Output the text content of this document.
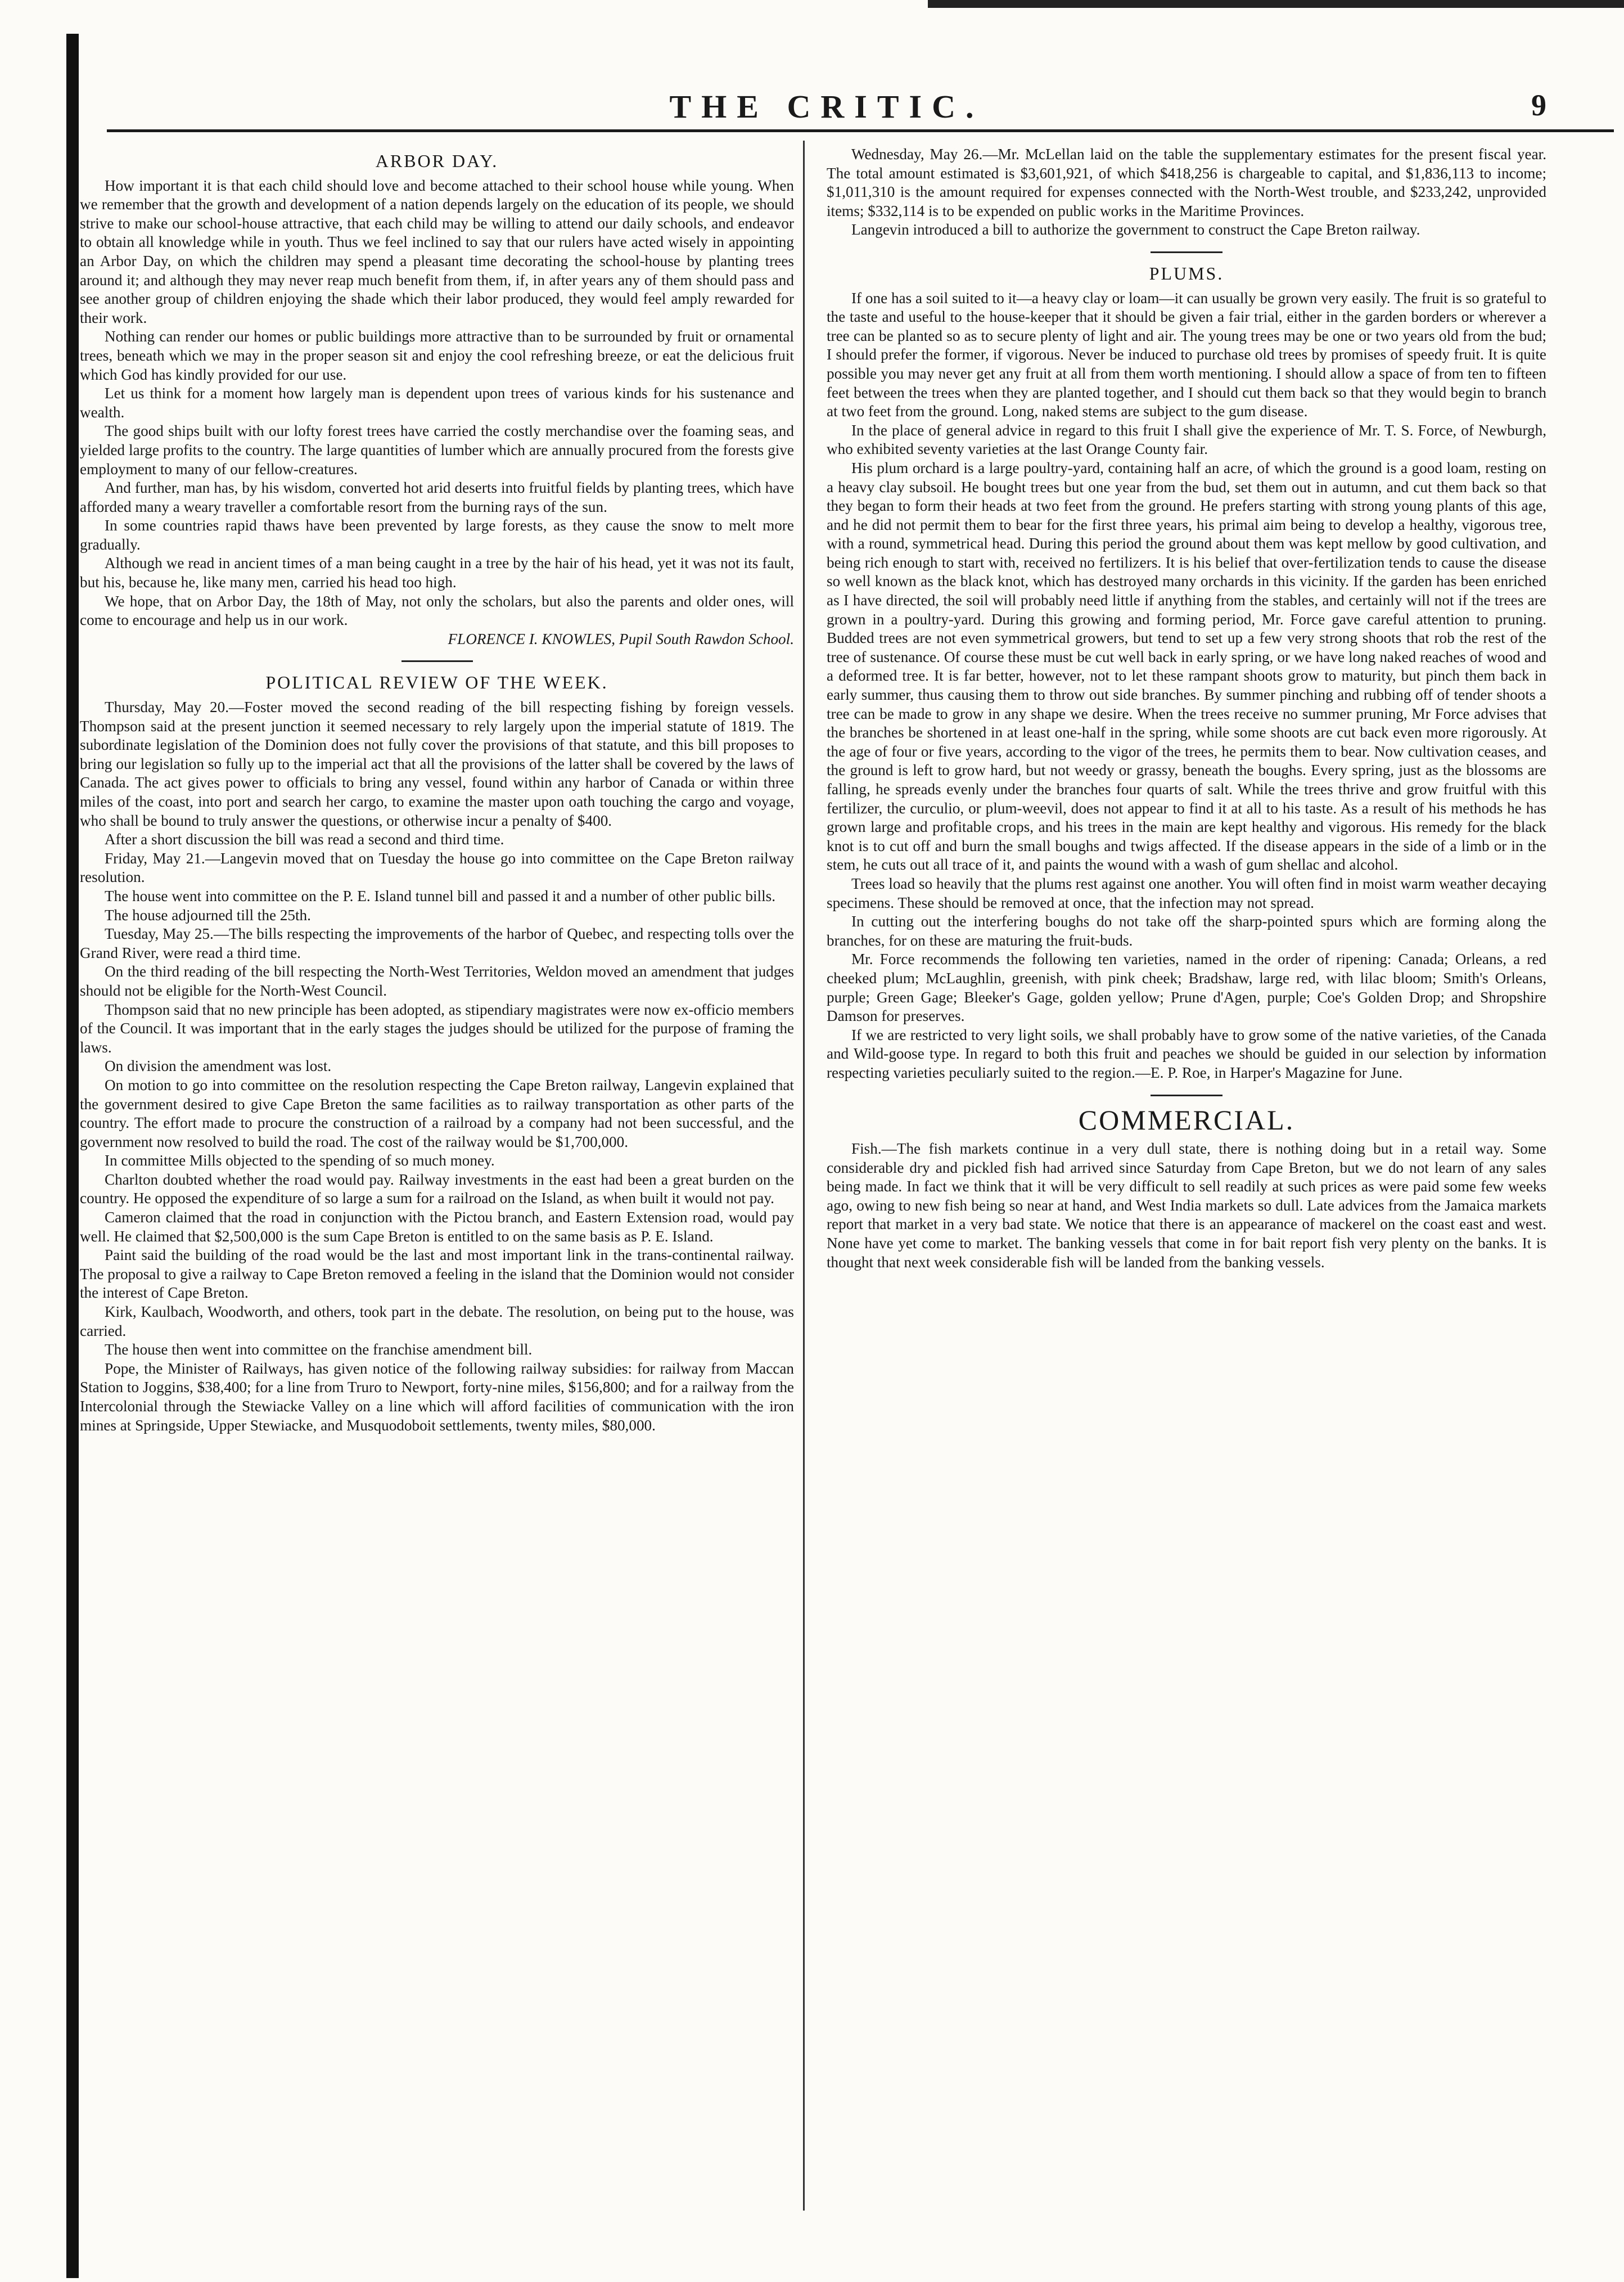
THE CRITIC.	9
ARBOR DAY.

How important it is that each child should love and become attached to their school house while young. When we remember that the growth and development of a nation depends largely on the education of its people, we should strive to make our school-house attractive, that each child may be willing to attend our daily schools, and endeavor to obtain all knowledge while in youth. Thus we feel inclined to say that our rulers have acted wisely in appointing an Arbor Day, on which the children may spend a pleasant time decorating the school-house by planting trees around it; and although they may never reap much benefit from them, if, in after years any of them should pass and see another group of children enjoying the shade which their labor produced, they would feel amply rewarded for their work.

Nothing can render our homes or public buildings more attractive than to be surrounded by fruit or ornamental trees, beneath which we may in the proper season sit and enjoy the cool refreshing breeze, or eat the delicious fruit which God has kindly provided for our use.

Let us think for a moment how largely man is dependent upon trees of various kinds for his sustenance and wealth.

The good ships built with our lofty forest trees have carried the costly merchandise over the foaming seas, and yielded large profits to the country. The large quantities of lumber which are annually procured from the forests give employment to many of our fellow-creatures.

And further, man has, by his wisdom, converted hot arid deserts into fruitful fields by planting trees, which have afforded many a weary traveller a comfortable resort from the burning rays of the sun.

In some countries rapid thaws have been prevented by large forests, as they cause the snow to melt more gradually.

Although we read in ancient times of a man being caught in a tree by the hair of his head, yet it was not its fault, but his, because he, like many men, carried his head too high.

We hope, that on Arbor Day, the 18th of May, not only the scholars, but also the parents and older ones, will come to encourage and help us in our work.

FLORENCE I. KNOWLES, Pupil South Rawdon School.

POLITICAL REVIEW OF THE WEEK.

Thursday, May 20.—Foster moved the second reading of the bill respecting fishing by foreign vessels. Thompson said at the present junction it seemed necessary to rely largely upon the imperial statute of 1819. The subordinate legislation of the Dominion does not fully cover the provisions of that statute, and this bill proposes to bring our legislation so fully up to the imperial act that all the provisions of the latter shall be covered by the laws of Canada. The act gives power to officials to bring any vessel, found within any harbor of Canada or within three miles of the coast, into port and search her cargo, to examine the master upon oath touching the cargo and voyage, who shall be bound to truly answer the questions, or otherwise incur a penalty of $400.

After a short discussion the bill was read a second and third time.

Friday, May 21.—Langevin moved that on Tuesday the house go into committee on the Cape Breton railway resolution.

The house went into committee on the P. E. Island tunnel bill and passed it and a number of other public bills.

The house adjourned till the 25th.

Tuesday, May 25.—The bills respecting the improvements of the harbor of Quebec, and respecting tolls over the Grand River, were read a third time.

On the third reading of the bill respecting the North-West Territories, Weldon moved an amendment that judges should not be eligible for the North-West Council.

Thompson said that no new principle has been adopted, as stipendiary magistrates were now ex-officio members of the Council. It was important that in the early stages the judges should be utilized for the purpose of framing the laws.

On division the amendment was lost.

On motion to go into committee on the resolution respecting the Cape Breton railway, Langevin explained that the government desired to give Cape Breton the same facilities as to railway transportation as other parts of the country. The effort made to procure the construction of a railroad by a company had not been successful, and the government now resolved to build the road. The cost of the railway would be $1,700,000.

In committee Mills objected to the spending of so much money.

Charlton doubted whether the road would pay. Railway investments in the east had been a great burden on the country. He opposed the expenditure of so large a sum for a railroad on the Island, as when built it would not pay.

Cameron claimed that the road in conjunction with the Pictou branch, and Eastern Extension road, would pay well. He claimed that $2,500,000 is the sum Cape Breton is entitled to on the same basis as P. E. Island.

Paint said the building of the road would be the last and most important link in the trans-continental railway. The proposal to give a railway to Cape Breton removed a feeling in the island that the Dominion would not consider the interest of Cape Breton.

Kirk, Kaulbach, Woodworth, and others, took part in the debate. The resolution, on being put to the house, was carried.

The house then went into committee on the franchise amendment bill.

Pope, the Minister of Railways, has given notice of the following railway subsidies: for railway from Maccan Station to Joggins, $38,400; for a line from Truro to Newport, forty-nine miles, $156,800; and for a railway from the Intercolonial through the Stewiacke Valley on a line which will afford facilities of communication with the iron mines at Springside, Upper Stewiacke, and Musquodoboit settlements, twenty miles, $80,000.

Wednesday, May 26.—Mr. McLellan laid on the table the supplementary estimates for the present fiscal year. The total amount estimated is $3,601,921, of which $418,256 is chargeable to capital, and $1,836,113 to income; $1,011,310 is the amount required for expenses connected with the North-West trouble, and $233,242, unprovided items; $332,114 is to be expended on public works in the Maritime Provinces.

Langevin introduced a bill to authorize the government to construct the Cape Breton railway.

PLUMS.

If one has a soil suited to it—a heavy clay or loam—it can usually be grown very easily. The fruit is so grateful to the taste and useful to the house-keeper that it should be given a fair trial, either in the garden borders or wherever a tree can be planted so as to secure plenty of light and air. The young trees may be one or two years old from the bud; I should prefer the former, if vigorous. Never be induced to purchase old trees by promises of speedy fruit. It is quite possible you may never get any fruit at all from them worth mentioning. I should allow a space of from ten to fifteen feet between the trees when they are planted together, and I should cut them back so that they would begin to branch at two feet from the ground. Long, naked stems are subject to the gum disease.

In the place of general advice in regard to this fruit I shall give the experience of Mr. T. S. Force, of Newburgh, who exhibited seventy varieties at the last Orange County fair.

His plum orchard is a large poultry-yard, containing half an acre, of which the ground is a good loam, resting on a heavy clay subsoil. He bought trees but one year from the bud, set them out in autumn, and cut them back so that they began to form their heads at two feet from the ground. He prefers starting with strong young plants of this age, and he did not permit them to bear for the first three years, his primal aim being to develop a healthy, vigorous tree, with a round, symmetrical head. During this period the ground about them was kept mellow by good cultivation, and being rich enough to start with, received no fertilizers. It is his belief that over-fertilization tends to cause the disease so well known as the black knot, which has destroyed many orchards in this vicinity. If the garden has been enriched as I have directed, the soil will probably need little if anything from the stables, and certainly will not if the trees are grown in a poultry-yard. During this growing and forming period, Mr. Force gave careful attention to pruning. Budded trees are not even symmetrical growers, but tend to set up a few very strong shoots that rob the rest of the tree of sustenance. Of course these must be cut well back in early spring, or we have long naked reaches of wood and a deformed tree. It is far better, however, not to let these rampant shoots grow to maturity, but pinch them back in early summer, thus causing them to throw out side branches. By summer pinching and rubbing off of tender shoots a tree can be made to grow in any shape we desire. When the trees receive no summer pruning, Mr Force advises that the branches be shortened in at least one-half in the spring, while some shoots are cut back even more rigorously. At the age of four or five years, according to the vigor of the trees, he permits them to bear. Now cultivation ceases, and the ground is left to grow hard, but not weedy or grassy, beneath the boughs. Every spring, just as the blossoms are falling, he spreads evenly under the branches four quarts of salt. While the trees thrive and grow fruitful with this fertilizer, the curculio, or plum-weevil, does not appear to find it at all to his taste. As a result of his methods he has grown large and profitable crops, and his trees in the main are kept healthy and vigorous. His remedy for the black knot is to cut off and burn the small boughs and twigs affected. If the disease appears in the side of a limb or in the stem, he cuts out all trace of it, and paints the wound with a wash of gum shellac and alcohol.

Trees load so heavily that the plums rest against one another. You will often find in moist warm weather decaying specimens. These should be removed at once, that the infection may not spread.

In cutting out the interfering boughs do not take off the sharp-pointed spurs which are forming along the branches, for on these are maturing the fruit-buds.

Mr. Force recommends the following ten varieties, named in the order of ripening: Canada; Orleans, a red cheeked plum; McLaughlin, greenish, with pink cheek; Bradshaw, large red, with lilac bloom; Smith's Orleans, purple; Green Gage; Bleeker's Gage, golden yellow; Prune d'Agen, purple; Coe's Golden Drop; and Shropshire Damson for preserves.

If we are restricted to very light soils, we shall probably have to grow some of the native varieties, of the Canada and Wild-goose type. In regard to both this fruit and peaches we should be guided in our selection by information respecting varieties peculiarly suited to the region.—E. P. Roe, in Harper's Magazine for June.

COMMERCIAL.

Fish.—The fish markets continue in a very dull state, there is nothing doing but in a retail way. Some considerable dry and pickled fish had arrived since Saturday from Cape Breton, but we do not learn of any sales being made. In fact we think that it will be very difficult to sell readily at such prices as were paid some few weeks ago, owing to new fish being so near at hand, and West India markets so dull. Late advices from the Jamaica markets report that market in a very bad state. We notice that there is an appearance of mackerel on the coast east and west. None have yet come to market. The banking vessels that come in for bait report fish very plenty on the banks. It is thought that next week considerable fish will be landed from the banking vessels.
